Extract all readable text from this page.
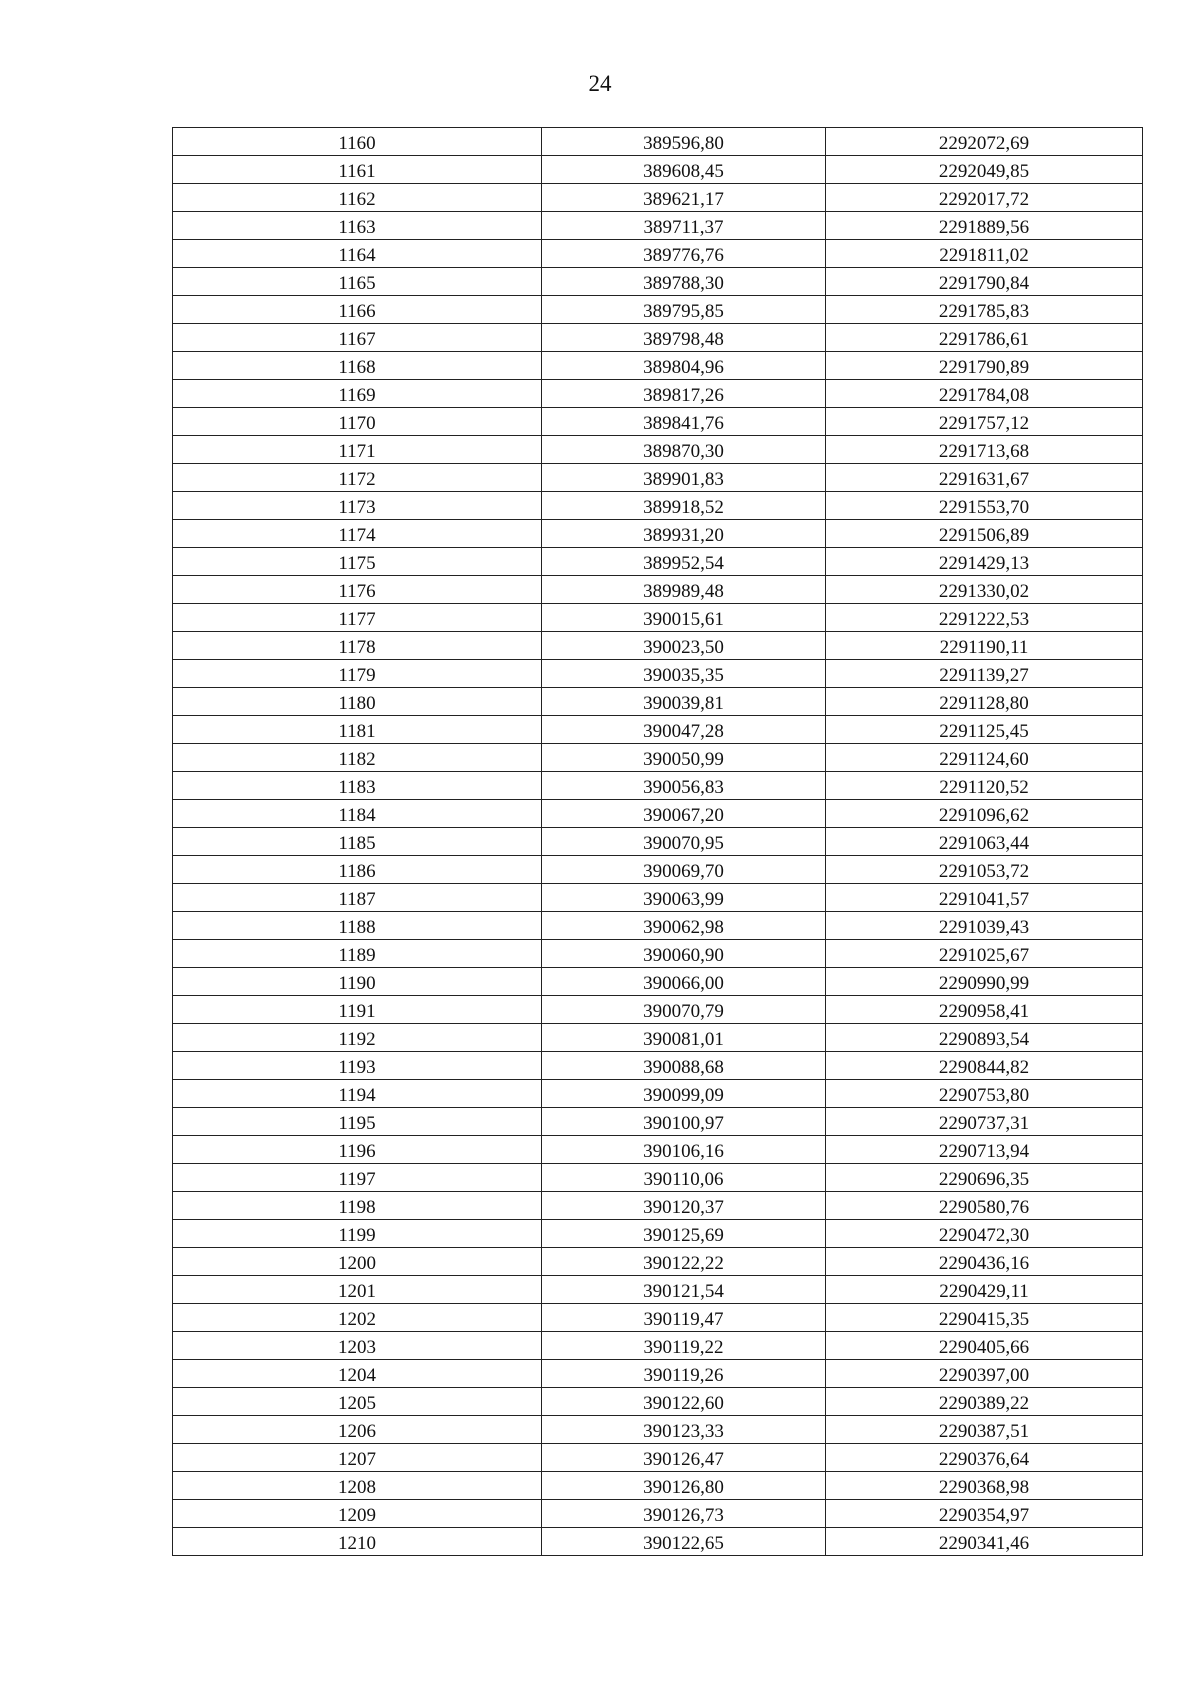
24
1160	389596,80	2292072,69
1161	389608,45	2292049,85
1162	389621,17	2292017,72
1163	389711,37	2291889,56
1164	389776,76	2291811,02
1165	389788,30	2291790,84
1166	389795,85	2291785,83
1167	389798,48	2291786,61
1168	389804,96	2291790,89
1169	389817,26	2291784,08
1170	389841,76	2291757,12
1171	389870,30	2291713,68
1172	389901,83	2291631,67
1173	389918,52	2291553,70
1174	389931,20	2291506,89
1175	389952,54	2291429,13
1176	389989,48	2291330,02
1177	390015,61	2291222,53
1178	390023,50	2291190,11
1179	390035,35	2291139,27
1180	390039,81	2291128,80
1181	390047,28	2291125,45
1182	390050,99	2291124,60
1183	390056,83	2291120,52
1184	390067,20	2291096,62
1185	390070,95	2291063,44
1186	390069,70	2291053,72
1187	390063,99	2291041,57
1188	390062,98	2291039,43
1189	390060,90	2291025,67
1190	390066,00	2290990,99
1191	390070,79	2290958,41
1192	390081,01	2290893,54
1193	390088,68	2290844,82
1194	390099,09	2290753,80
1195	390100,97	2290737,31
1196	390106,16	2290713,94
1197	390110,06	2290696,35
1198	390120,37	2290580,76
1199	390125,69	2290472,30
1200	390122,22	2290436,16
1201	390121,54	2290429,11
1202	390119,47	2290415,35
1203	390119,22	2290405,66
1204	390119,26	2290397,00
1205	390122,60	2290389,22
1206	390123,33	2290387,51
1207	390126,47	2290376,64
1208	390126,80	2290368,98
1209	390126,73	2290354,97
1210	390122,65	2290341,46
